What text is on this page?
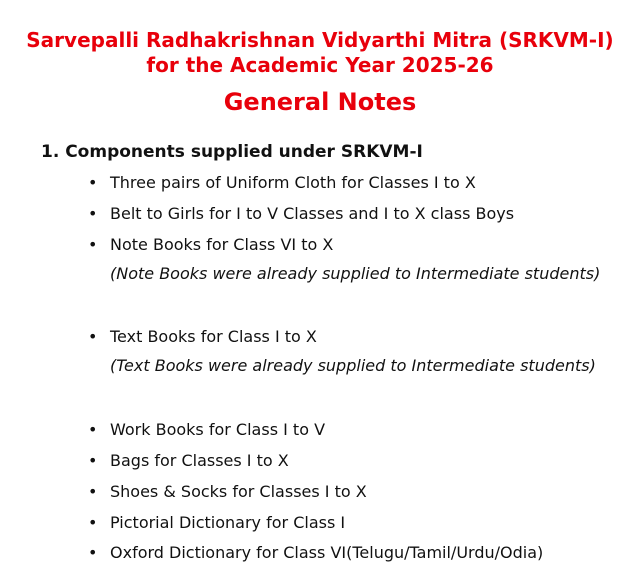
Sarvepalli Radhakrishnan Vidyarthi Mitra (SRKVM-I)
for the Academic Year 2025-26
General Notes
1. Components supplied under SRKVM-I
• Three pairs of Uniform Cloth for Classes I to X
• Belt to Girls for I to V Classes and I to X class Boys
• Note Books for Class VI to X
(Note Books were already supplied to Intermediate students)
• Text Books for Class I to X
(Text Books were already supplied to Intermediate students)
• Work Books for Class I to V
• Bags for Classes I to X
• Shoes & Socks for Classes I to X
• Pictorial Dictionary for Class I
• Oxford Dictionary for Class VI(Telugu/Tamil/Urdu/Odia)
